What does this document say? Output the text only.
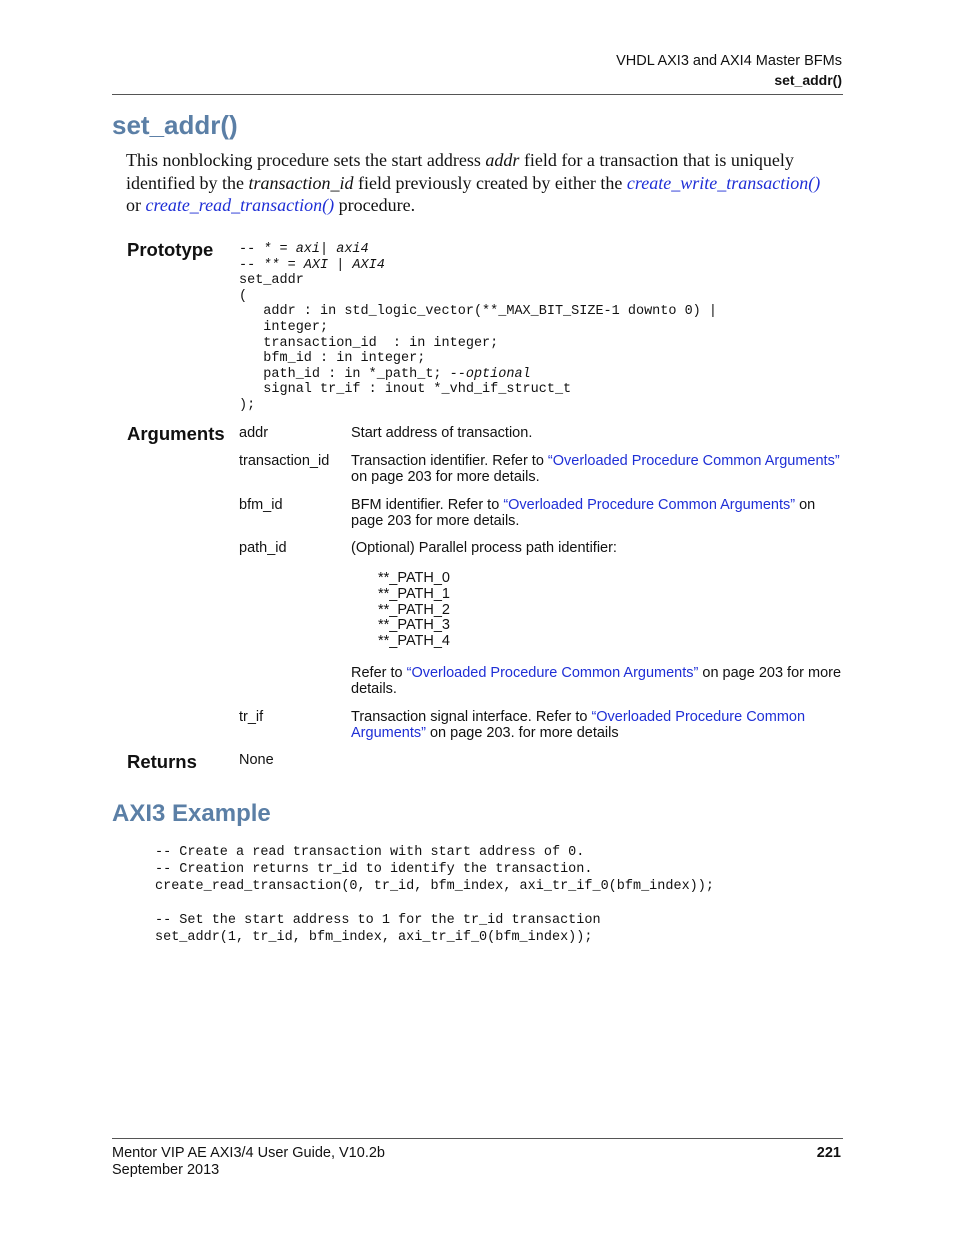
VHDL AXI3 and AXI4 Master BFMs
set_addr()
set_addr()
This nonblocking procedure sets the start address addr field for a transaction that is uniquely identified by the transaction_id field previously created by either the create_write_transaction() or create_read_transaction() procedure.
Prototype -- * = axi| axi4
-- ** = AXI | AXI4
set_addr
(
addr : in std_logic_vector(**_MAX_BIT_SIZE-1 downto 0) |
integer;
transaction_id  : in integer;
bfm_id : in integer;
path_id : in *_path_t; --optional
signal tr_if : inout *_vhd_if_struct_t
);
Arguments addr	Start address of transaction.
transaction_id Transaction identifier. Refer to “Overloaded Procedure Common Arguments” on page 203 for more details.
bfm_id	BFM identifier. Refer to “Overloaded Procedure Common Arguments” on page 203 for more details.
path_id	(Optional) Parallel process path identifier:
**_PATH_0
**_PATH_1
**_PATH_2
**_PATH_3
**_PATH_4
Refer to “Overloaded Procedure Common Arguments” on page 203 for more details.
tr_if	Transaction signal interface. Refer to “Overloaded Procedure Common Arguments” on page 203. for more details
Returns	None
AXI3 Example
-- Create a read transaction with start address of 0.
-- Creation returns tr_id to identify the transaction.
create_read_transaction(0, tr_id, bfm_index, axi_tr_if_0(bfm_index));

-- Set the start address to 1 for the tr_id transaction
set_addr(1, tr_id, bfm_index, axi_tr_if_0(bfm_index));
Mentor VIP AE AXI3/4 User Guide, V10.2b
September 2013
221
